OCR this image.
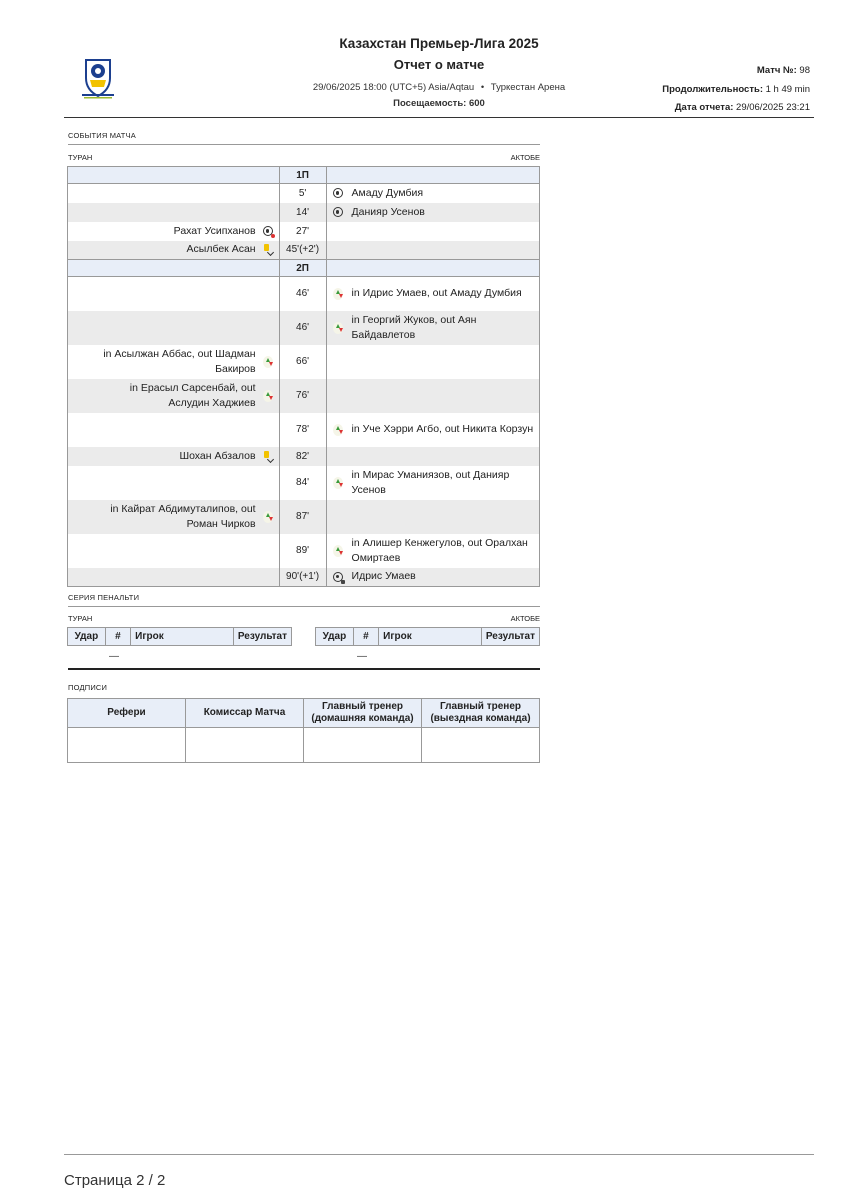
Казахстан Премьер-Лига 2025
Отчет о матче
29/06/2025 18:00 (UTC+5) Asia/Aqtau • Туркестан Арена
Посещаемость: 600
Матч №: 98
Продолжительность: 1 h 49 min
Дата отчета: 29/06/2025 23:21
СОБЫТИЯ МАТЧА
ТУРАН	АКТОБЕ
	1П	
	5'	Амаду Думбия

	14'	Данияр Усенов

Рахат Усипханов	27'	

Асылбек Асан	45'(+2')	
	2П	
	46'	in Идрис Умаев, out Амаду Думбия

	46'	in Георгий Жуков, out Аян Байдавлетов

in Асылжан Аббас, out Шадман Бакиров	66'	

in Ерасыл Сарсенбай, out Аслудин Хаджиев	76'	
	78'	in Уче Хэрри Агбо, out Никита Корзун

Шохан Абзалов	82'	
	84'	in Мирас Уманиязов, out Данияр Усенов

in Кайрат Абдимуталипов, out Роман Чирков	87'	
	89'	in Алишер Кенжегулов, out Оралхан Омиртаев

	90'(+1')	Идрис Умаев
СЕРИЯ ПЕНАЛЬТИ
ТУРАН	АКТОБЕ
Удар	#	Игрок	Результат	Удар	#	Игрок	Результат
—	—
ПОДПИСИ
Рефери	Комиссар Матча	Главный тренер (домашняя команда)	Главный тренер (выездная команда)

Страница 2 / 2
